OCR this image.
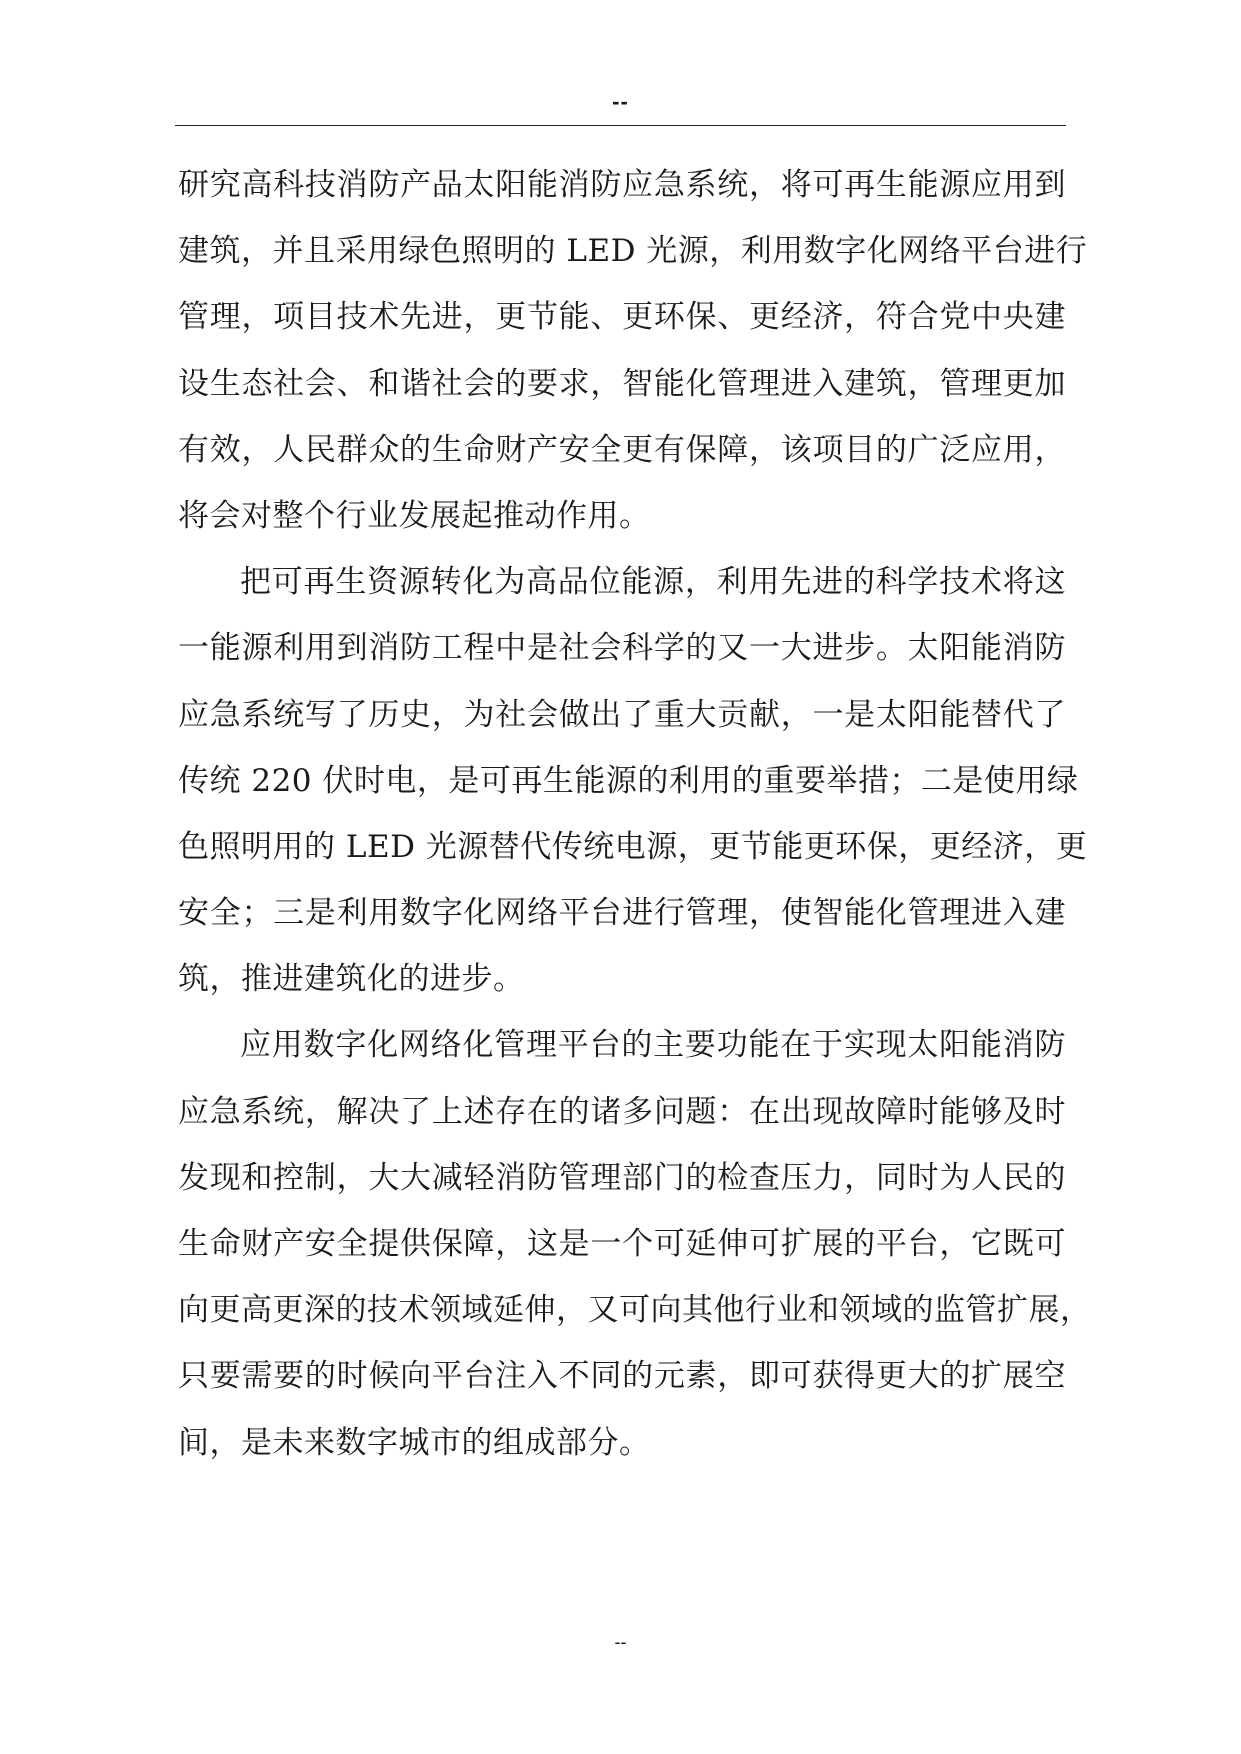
--
研究高科技消防产品太阳能消防应急系统，将可再生能源应用到
建筑，并且采用绿色照明的 LED 光源，利用数字化网络平台进行
管理，项目技术先进，更节能、更环保、更经济，符合党中央建
设生态社会、和谐社会的要求，智能化管理进入建筑，管理更加
有效，人民群众的生命财产安全更有保障，该项目的广泛应用，
将会对整个行业发展起推动作用。
把可再生资源转化为高品位能源，利用先进的科学技术将这
一能源利用到消防工程中是社会科学的又一大进步。太阳能消防
应急系统写了历史，为社会做出了重大贡献，一是太阳能替代了
传统 220 伏时电，是可再生能源的利用的重要举措；二是使用绿
色照明用的 LED 光源替代传统电源，更节能更环保，更经济，更
安全；三是利用数字化网络平台进行管理，使智能化管理进入建
筑，推进建筑化的进步。
应用数字化网络化管理平台的主要功能在于实现太阳能消防
应急系统，解决了上述存在的诸多问题：在出现故障时能够及时
发现和控制，大大减轻消防管理部门的检查压力，同时为人民的
生命财产安全提供保障，这是一个可延伸可扩展的平台，它既可
向更高更深的技术领域延伸，又可向其他行业和领域的监管扩展，
只要需要的时候向平台注入不同的元素，即可获得更大的扩展空
间，是未来数字城市的组成部分。
--
